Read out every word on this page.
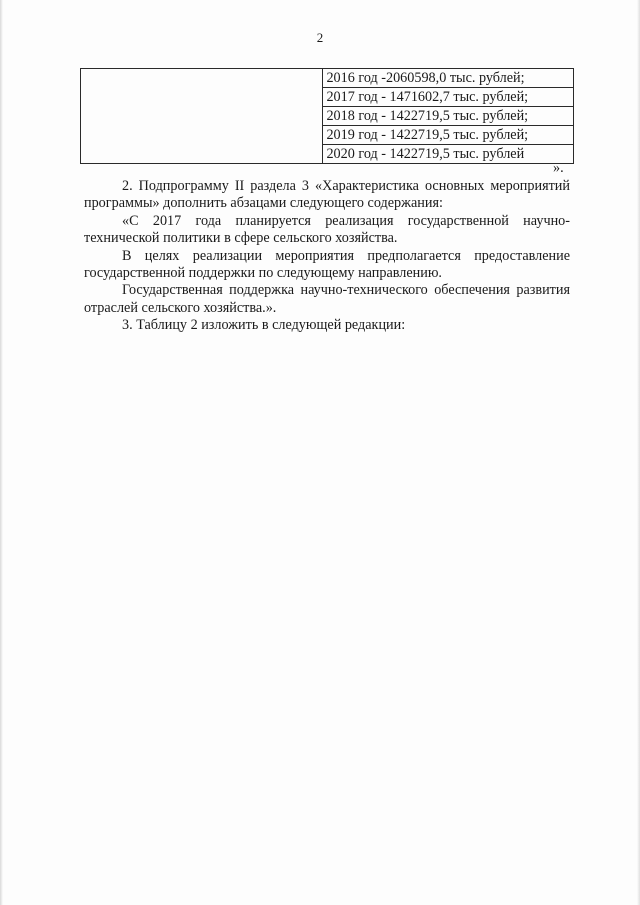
2

2016 год -2060598,0 тыс. рублей;
2017 год - 1471602,7 тыс. рублей;
2018 год - 1422719,5 тыс. рублей;
2019 год - 1422719,5 тыс. рублей;
2020 год - 1422719,5 тыс. рублей
».

2. Подпрограмму II раздела 3 «Характеристика основных мероприятий программы» дополнить абзацами следующего содержания:

«С 2017 года планируется реализация государственной научно-технической политики в сфере сельского хозяйства.

В целях реализации мероприятия предполагается предоставление государственной поддержки по следующему направлению.

Государственная поддержка научно-технического обеспечения развития отраслей сельского хозяйства.».

3. Таблицу 2 изложить в следующей редакции:
